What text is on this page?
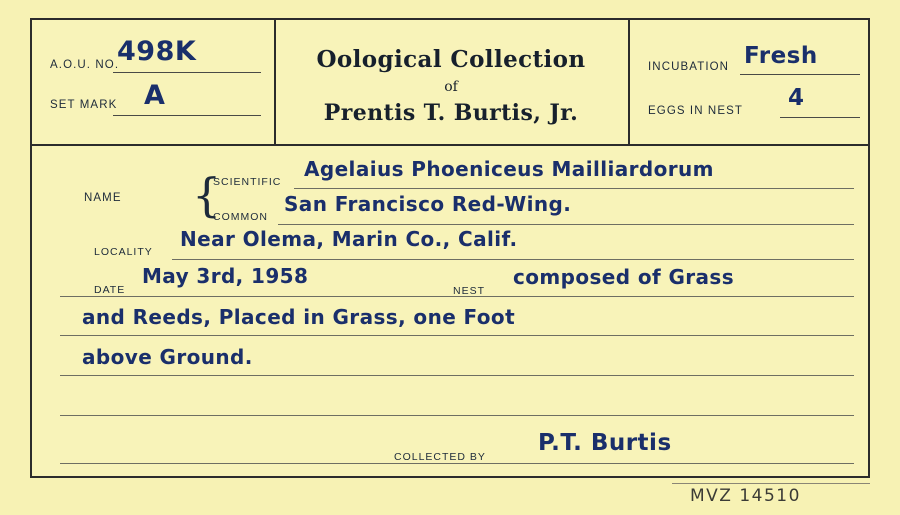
Oological Collection
of
Prentis T. Burtis, Jr.
A.O.U. NO.
498K
SET MARK A
INCUBATION Fresh
EGGS IN NEST 4
NAME {
SCIENTIFIC
Agelaius Phoeniceus Mailliardorum
COMMON
San Francisco Red-Wing.
LOCALITY
Near Olema, Marin Co., Calif.
DATE
May 3rd, 1958
NEST
composed of Grass
and Reeds, Placed in Grass, one Foot
above Ground.
COLLECTED BY
P.T. Burtis
MVZ 14510
